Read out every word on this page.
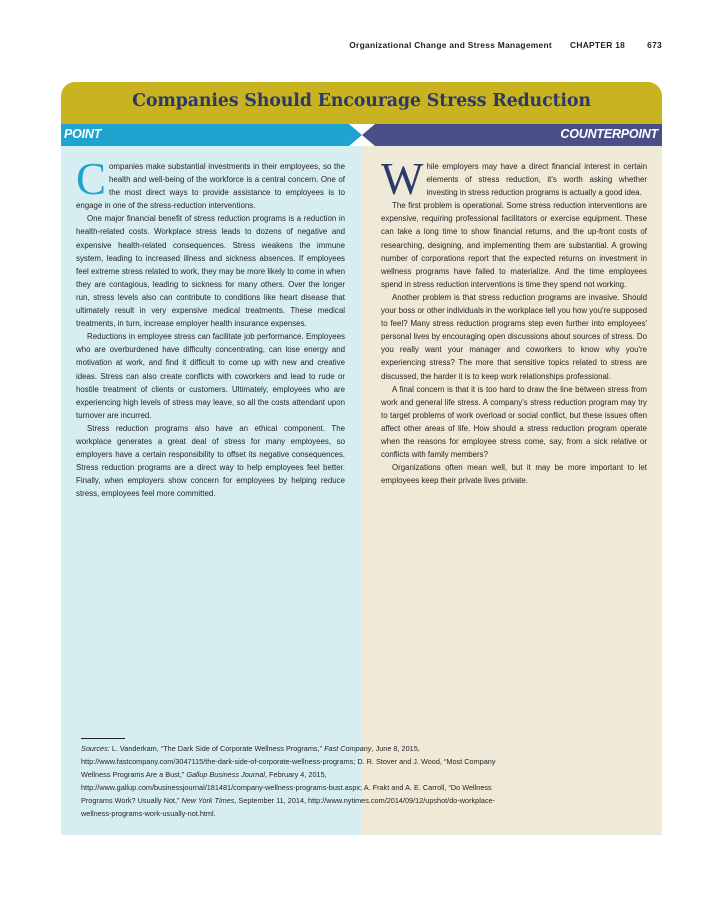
Organizational Change and Stress Management CHAPTER 18	673
Companies Should Encourage Stress Reduction
POINT	COUNTERPOINT

Companies make substantial investments in their employees, so the health and well-being of the workforce is a central concern. One of the most direct ways to provide assistance to employees is to engage in one of the stress-reduction interventions.

One major financial benefit of stress reduction programs is a reduction in health-related costs. Workplace stress leads to dozens of negative and expensive health-related consequences. Stress weakens the immune system, leading to increased illness and sickness absences. If employees feel extreme stress related to work, they may be more likely to come in when they are contagious, leading to sickness for many others. Over the longer run, stress levels also can contribute to conditions like heart disease that ultimately result in very expensive medical treatments. These medical treatments, in turn, increase employer health insurance expenses.

Reductions in employee stress can facilitate job performance. Employees who are overburdened have difficulty concentrating, can lose energy and motivation at work, and find it difficult to come up with new and creative ideas. Stress can also create conflicts with coworkers and lead to rude or hostile treatment of clients or customers. Ultimately, employees who are experiencing high levels of stress may leave, so all the costs attendant upon turnover are incurred.

Stress reduction programs also have an ethical component. The workplace generates a great deal of stress for many employees, so employers have a certain responsibility to offset its negative consequences. Stress reduction programs are a direct way to help employees feel better. Finally, when employers show concern for employees by helping reduce stress, employees feel more committed.

While employers may have a direct financial interest in certain elements of stress reduction, it's worth asking whether investing in stress reduction programs is actually a good idea.

The first problem is operational. Some stress reduction interventions are expensive, requiring professional facilitators or exercise equipment. These can take a long time to show financial returns, and the up-front costs of researching, designing, and implementing them are substantial. A growing number of corporations report that the expected returns on investment in wellness programs have failed to materialize. And the time employees spend in stress reduction interventions is time they spend not working.

Another problem is that stress reduction programs are invasive. Should your boss or other individuals in the workplace tell you how you're supposed to feel? Many stress reduction programs step even further into employees' personal lives by encouraging open discussions about sources of stress. Do you really want your manager and coworkers to know why you're experiencing stress? The more that sensitive topics related to stress are discussed, the harder it is to keep work relationships professional.

A final concern is that it is too hard to draw the line between stress from work and general life stress. A company's stress reduction program may try to target problems of work overload or social conflict, but these issues often affect other areas of life. How should a stress reduction program operate when the reasons for employee stress come, say, from a sick relative or conflicts with family members?

Organizations often mean well, but it may be more important to let employees keep their private lives private.

Sources: L. Vanderkam, “The Dark Side of Corporate Wellness Programs,” Fast Company, June 8, 2015, http://www.fastcompany.com/3047115/the-dark-side-of-corporate-wellness-programs; D. R. Stover and J. Wood, “Most Company Wellness Programs Are a Bust,” Gallup Business Journal, February 4, 2015, http://www.gallup.com/businessjournal/181481/company-wellness-programs-bust.aspx; A. Frakt and A. E. Carroll, “Do Wellness Programs Work? Usually Not,” New York Times, September 11, 2014, http://www.nytimes.com/2014/09/12/upshot/do-workplace-wellness-programs-work-usually-not.html.
